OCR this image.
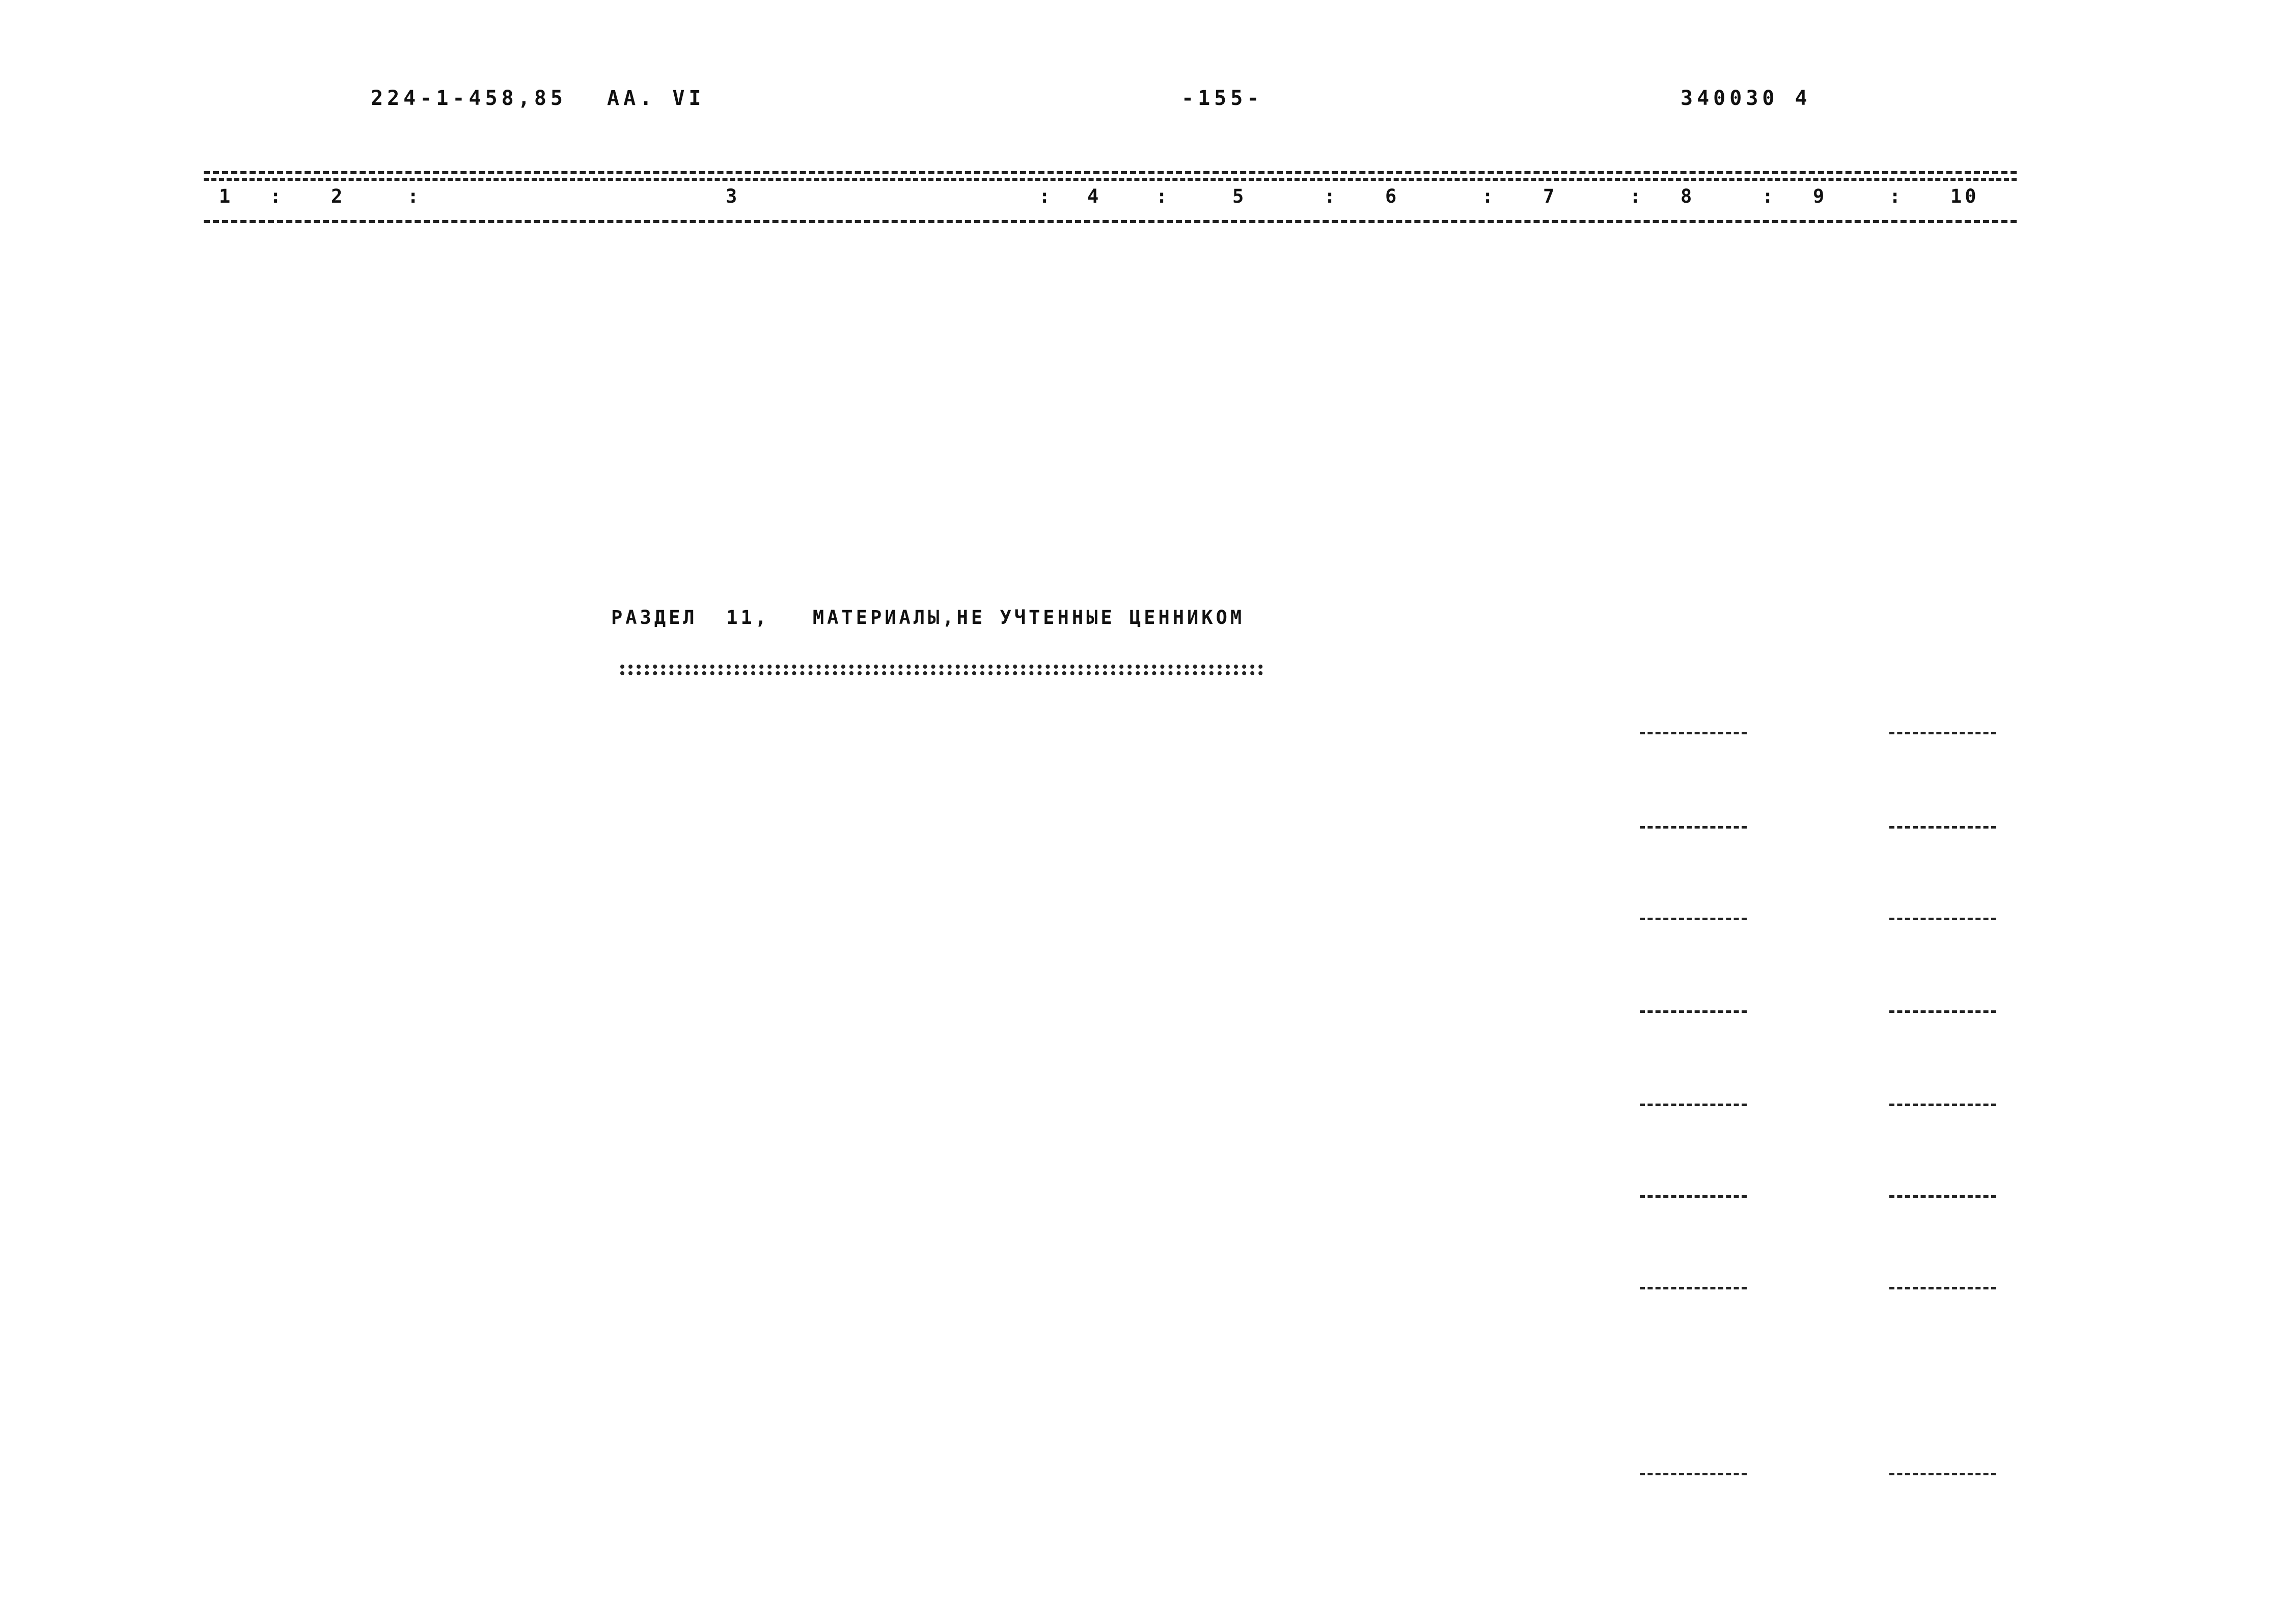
224-1-458,85 АА. VI	-155-	340030 4
1	2	3	4	5	6	7	8	9	10
:	:	:	:	:	:	:	:	:
РАЗДЕЛ  11,   МАТЕРИАЛЫ,НЕ УЧТЕННЫЕ ЦЕННИКОМ
